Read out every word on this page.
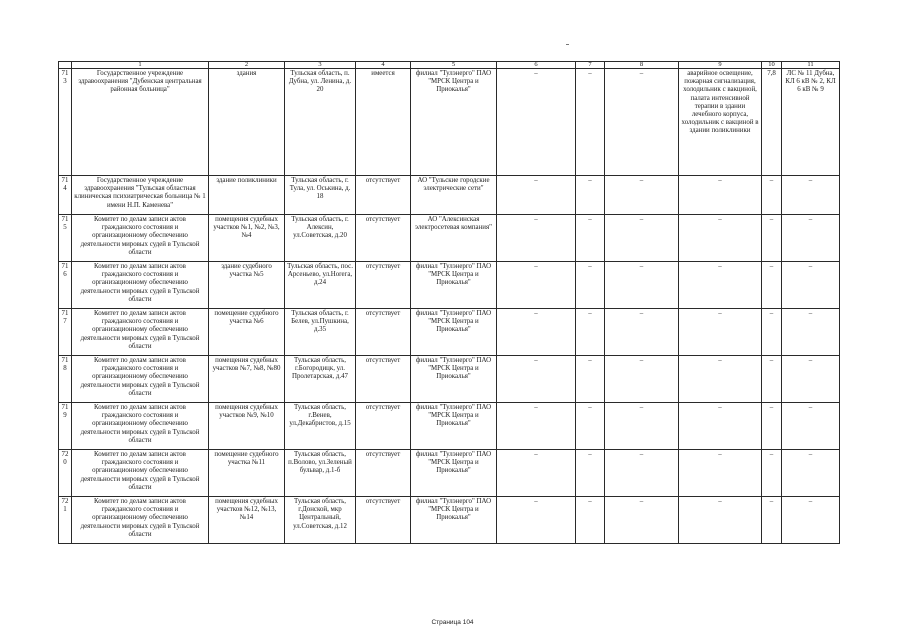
	1	2	3	4	5	6	7	8	9	10	11
713	Государственное учреждение здравоохранения "Дубенская центральная районная больница"	здания	Тульская область, п. Дубна, ул. Ленина, д. 20	имеется	филиал "Тулэнерго" ПАО "МРСК Центра и Приокалья"	–	–	–	аварийное освещение, пожарная сигнализация, холодильник с вакциной, палата интенсивной терапии в здании лечебного корпуса, холодильник с вакциной в здании поликлиники	7,8	ЛС № 11 Дубна, КЛ 6 кВ № 2, КЛ 6 кВ № 9
714	Государственное учреждение здравоохранения "Тульская областная клиническая психиатрическая больница № 1 имени Н.П. Каменева"	здание поликлиники	Тульская область, г. Тула, ул. Оськина, д. 18	отсутствует	АО "Тульские городские электрические сети"	–	–	–	–	–	–
715	Комитет по делам записи актов гражданского состояния и организационному обеспечению деятельности мировых судей в Тульской области	помещения судебных участков №1, №2, №3, №4	Тульская область, г. Алексин, ул.Советская, д.20	отсутствует	АО "Алексинская электросетевая компания"	–	–	–	–	–	–
716	Комитет по делам записи актов гражданского состояния и организационному обеспечению деятельности мировых судей в Тульской области	здание судебного участка №5	Тульская область, пос. Арсеньево, ул.Horега, д.24	отсутствует	филиал "Тулэнерго" ПАО "МРСК Центра и Приокалья"	–	–	–	–	–	–
717	Комитет по делам записи актов гражданского состояния и организационному обеспечению деятельности мировых судей в Тульской области	помещение судебного участка №6	Тульская область, г. Белев, ул.Пушкина, д.35	отсутствует	филиал "Тулэнерго" ПАО "МРСК Центра и Приокалья"	–	–	–	–	–	–
718	Комитет по делам записи актов гражданского состояния и организационному обеспечению деятельности мировых судей в Тульской области	помещения судебных участков №7, №8, №80	Тульская область, г.Богородицк, ул. Пролетарская, д.47	отсутствует	филиал "Тулэнерго" ПАО "МРСК Центра и Приокалья"	–	–	–	–	–	–
719	Комитет по делам записи актов гражданского состояния и организационному обеспечению деятельности мировых судей в Тульской области	помещения судебных участков №9, №10	Тульская область, г.Венев, ул.Декабристов, д.15	отсутствует	филиал "Тулэнерго" ПАО "МРСК Центра и Приокалья"	–	–	–	–	–	–
720	Комитет по делам записи актов гражданского состояния и организационному обеспечению деятельности мировых судей в Тульской области	помещение судебного участка №11	Тульская область, п.Волово, ул.Зеленый бульвар, д.1-б	отсутствует	филиал "Тулэнерго" ПАО "МРСК Центра и Приокалья"	–	–	–	–	–	–
721	Комитет по делам записи актов гражданского состояния и организационному обеспечению деятельности мировых судей в Тульской области	помещения судебных участков №12, №13, №14	Тульская область, г.Донской, мкр Центральный, ул.Советская, д.12	отсутствует	филиал "Тулэнерго" ПАО "МРСК Центра и Приокалья"	–	–	–	–	–	–
Страница 104
